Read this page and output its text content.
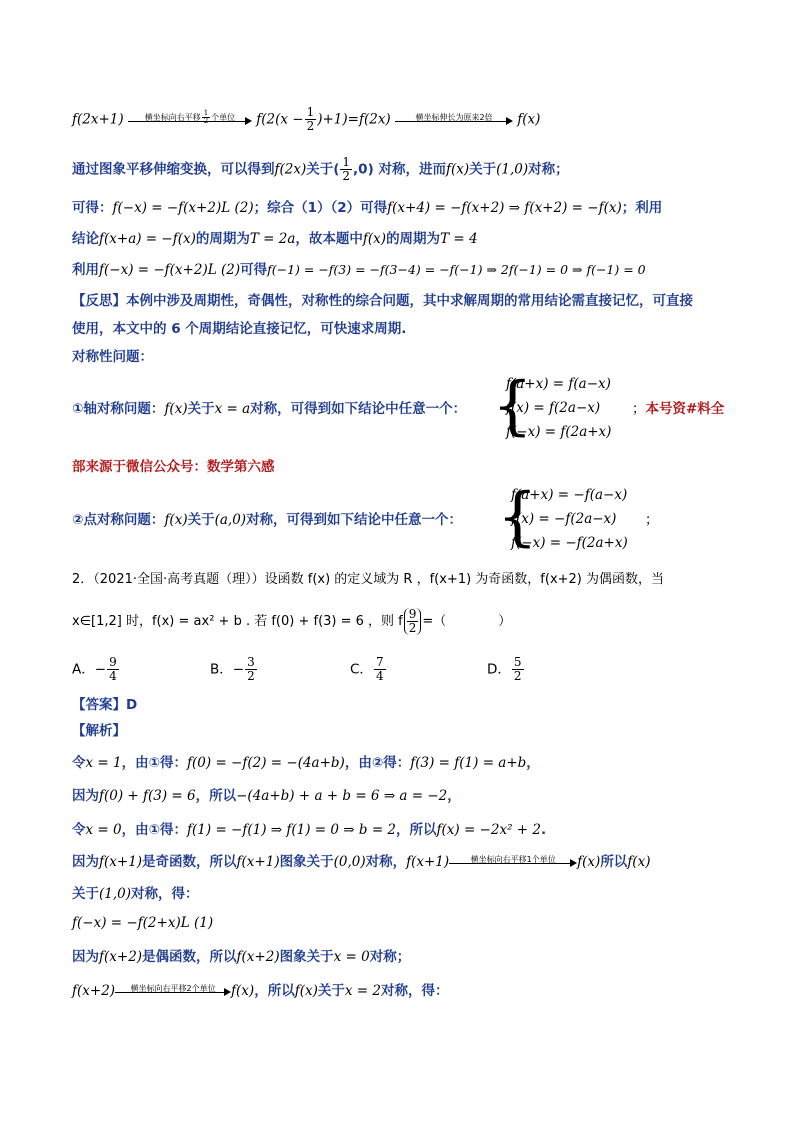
f(2x+1)	横坐标向右平移 $\frac{1}{2}$ 个单位	$f(2(x - \frac{1}{2} )+1)=f(2x)$	横坐标伸长为原来2倍	f(x)
通过图象平移伸缩变换，可以得到f(2x)关于( $\frac{1}{2} ,0$) 对称，进而f(x)关于(1,0)对称；
可得：f(−x) = −f(x+2)L (2)；综合（1）（2）可得f(x+4) = −f(x+2) ⇒ f(x+2) = −f(x)；利用
结论f(x+a) = −f(x)的周期为T = 2a，故本题中f(x)的周期为T = 4
利用f(−x) = −f(x+2)L (2)可得f(−1) = −f(3) = −f(3−4) = −f(−1) ⇒ 2f(−1) = 0 ⇒ f(−1) = 0
【反思】本例中涉及周期性，奇偶性，对称性的综合问题，其中求解周期的常用结论需直接记忆，可直接
使用，本文中的 6 个周期结论直接记忆，可快速求周期.
对称性问题：
①轴对称问题：f(x)关于x = a对称，可得到如下结论中任意一个： {
f(a+x) = f(a−x)
f(x) = f(2a−x)
f(−x) = f(2a+x)
；本号资#料全
部来源于微信公众号：数学第六感
②点对称问题：f(x)关于(a,0)对称，可得到如下结论中任意一个： {
f(a+x) = −f(a−x)
f(x) = −f(2a−x)
f(−x) = −f(2a+x)
；
2．（2021·全国·高考真题（理））设函数 f(x) 的定义域为 R ，f(x+1) 为奇函数，f(x+2) 为偶函数，当
x∈[1,2] 时，f(x) = ax² + b . 若 f(0) + f(3) = 6 ，则 f $\frac{9}{2}$ =（　　　　）
A．− $\frac{9}{4}$	B．− $\frac{3}{2}$	C． $\frac{7}{4}$	D． $\frac{5}{2}$
【答案】D
【解析】
令x = 1，由①得：f(0) = −f(2) = −(4a+b)，由②得：f(3) = f(1) = a+b，
因为f(0) + f(3) = 6，所以−(4a+b) + a + b = 6 ⇒ a = −2，
令x = 0，由①得：f(1) = −f(1) ⇒ f(1) = 0 ⇒ b = 2，所以f(x) = −2x² + 2.
因为f(x+1)是奇函数，所以f(x+1)图象关于(0,0)对称，f(x+1)	横坐标向右平移1个单位	f(x)所以f(x)
关于(1,0)对称，得：
f(−x) = −f(2+x)L (1)
因为f(x+2)是偶函数，所以f(x+2)图象关于x = 0对称；
f(x+2)	横坐标向右平移2个单位	f(x)，所以f(x)关于x = 2对称，得：
